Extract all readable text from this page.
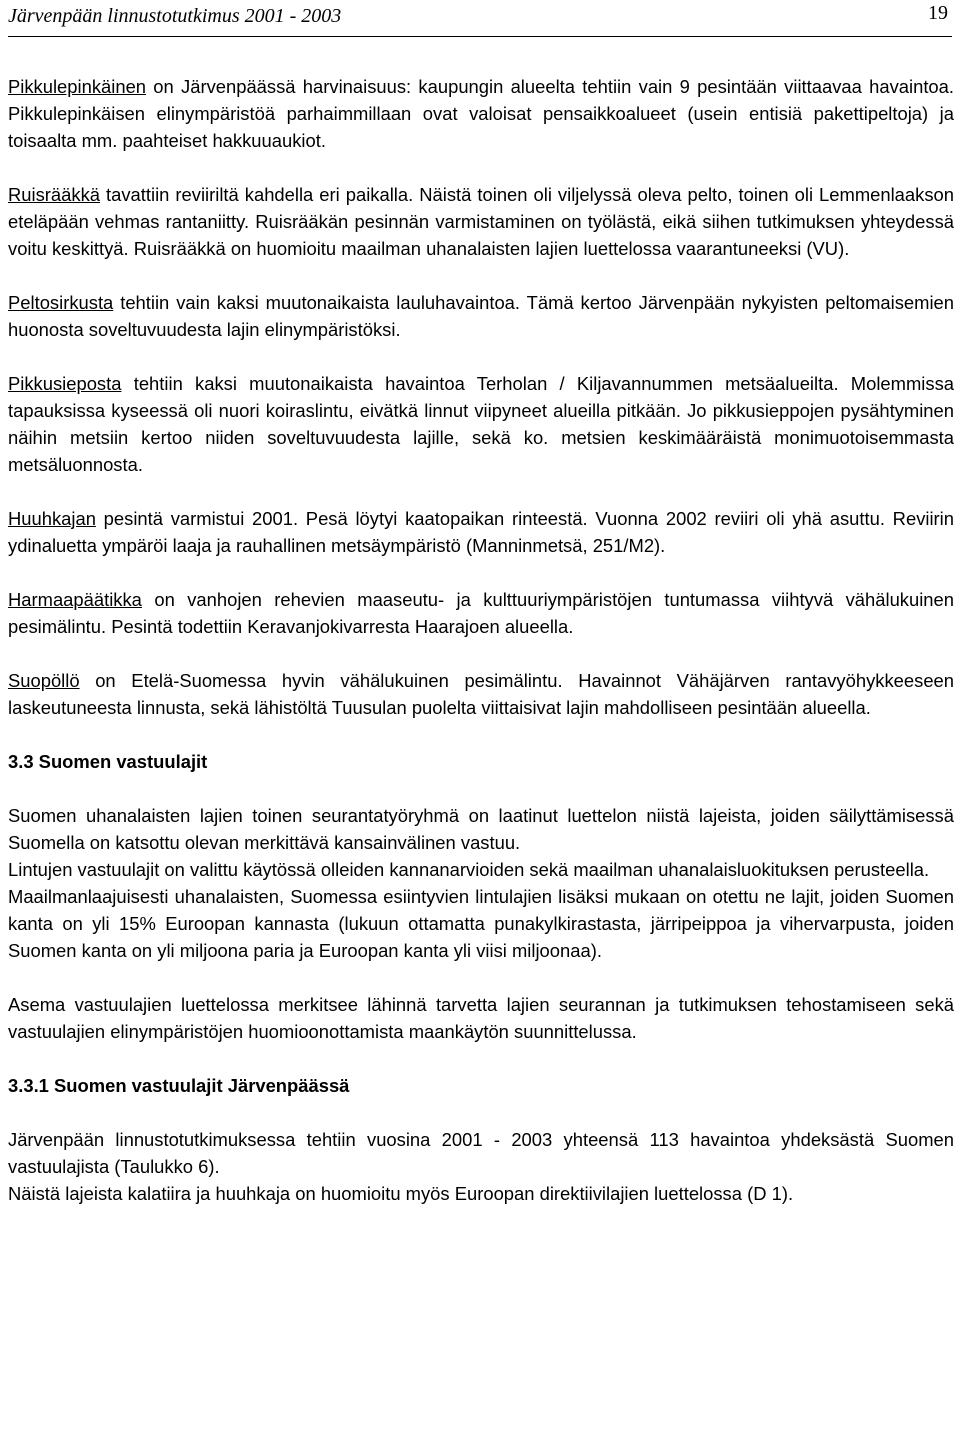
Järvenpään linnustotutkimus 2001 - 2003	19

Pikkulepinkäinen on Järvenpäässä harvinaisuus: kaupungin alueelta tehtiin vain 9 pesintään viittaavaa havaintoa. Pikkulepinkäisen elinympäristöä parhaimmillaan ovat valoisat pensaikkoalueet (usein entisiä pakettipeltoja) ja toisaalta mm. paahteiset hakkuuaukiot.

Ruisrääkkä tavattiin reviiriltä kahdella eri paikalla. Näistä toinen oli viljelyssä oleva pelto, toinen oli Lemmenlaakson eteläpään vehmas rantaniitty. Ruisrääkän pesinnän varmistaminen on työlästä, eikä siihen tutkimuksen yhteydessä voitu keskittyä. Ruisrääkkä on huomioitu maailman uhanalaisten lajien luettelossa vaarantuneeksi (VU).

Peltosirkusta tehtiin vain kaksi muutonaikaista lauluhavaintoa. Tämä kertoo Järvenpään nykyisten peltomaisemien huonosta soveltuvuudesta lajin elinympäristöksi.

Pikkusieposta tehtiin kaksi muutonaikaista havaintoa Terholan / Kiljavannummen metsäalueilta. Molemmissa tapauksissa kyseessä oli nuori koiraslintu, eivätkä linnut viipyneet alueilla pitkään. Jo pikkusieppojen pysähtyminen näihin metsiin kertoo niiden soveltuvuudesta lajille, sekä ko. metsien keskimääräistä monimuotoisemmasta metsäluonnosta.

Huuhkajan pesintä varmistui 2001. Pesä löytyi kaatopaikan rinteestä. Vuonna 2002 reviiri oli yhä asuttu. Reviirin ydinaluetta ympäröi laaja ja rauhallinen metsäympäristö (Manninmetsä, 251/M2).

Harmaapäätikka on vanhojen rehevien maaseutu- ja kulttuuriympäristöjen tuntumassa viihtyvä vähälukuinen pesimälintu. Pesintä todettiin Keravanjokivarresta Haarajoen alueella.

Suopöllö on Etelä-Suomessa hyvin vähälukuinen pesimälintu. Havainnot Vähäjärven rantavyöhykkeeseen laskeutuneesta linnusta, sekä lähistöltä Tuusulan puolelta viittaisivat lajin mahdolliseen pesintään alueella.

3.3 Suomen vastuulajit

Suomen uhanalaisten lajien toinen seurantatyöryhmä on laatinut luettelon niistä lajeista, joiden säilyttämisessä Suomella on katsottu olevan merkittävä kansainvälinen vastuu.

Lintujen vastuulajit on valittu käytössä olleiden kannanarvioiden sekä maailman uhanalaisluokituksen perusteella.

Maailmanlaajuisesti uhanalaisten, Suomessa esiintyvien lintulajien lisäksi mukaan on otettu ne lajit, joiden Suomen kanta on yli 15% Euroopan kannasta (lukuun ottamatta punakylkirastasta, järripeippoa ja vihervarpusta, joiden Suomen kanta on yli miljoona paria ja Euroopan kanta yli viisi miljoonaa).

Asema vastuulajien luettelossa merkitsee lähinnä tarvetta lajien seurannan ja tutkimuksen tehostamiseen sekä vastuulajien elinympäristöjen huomioonottamista maankäytön suunnittelussa.

3.3.1 Suomen vastuulajit Järvenpäässä

Järvenpään linnustotutkimuksessa tehtiin vuosina 2001 - 2003 yhteensä 113 havaintoa yhdeksästä Suomen vastuulajista (Taulukko 6).

Näistä lajeista kalatiira ja huuhkaja on huomioitu myös Euroopan direktiivilajien luettelossa (D 1).
